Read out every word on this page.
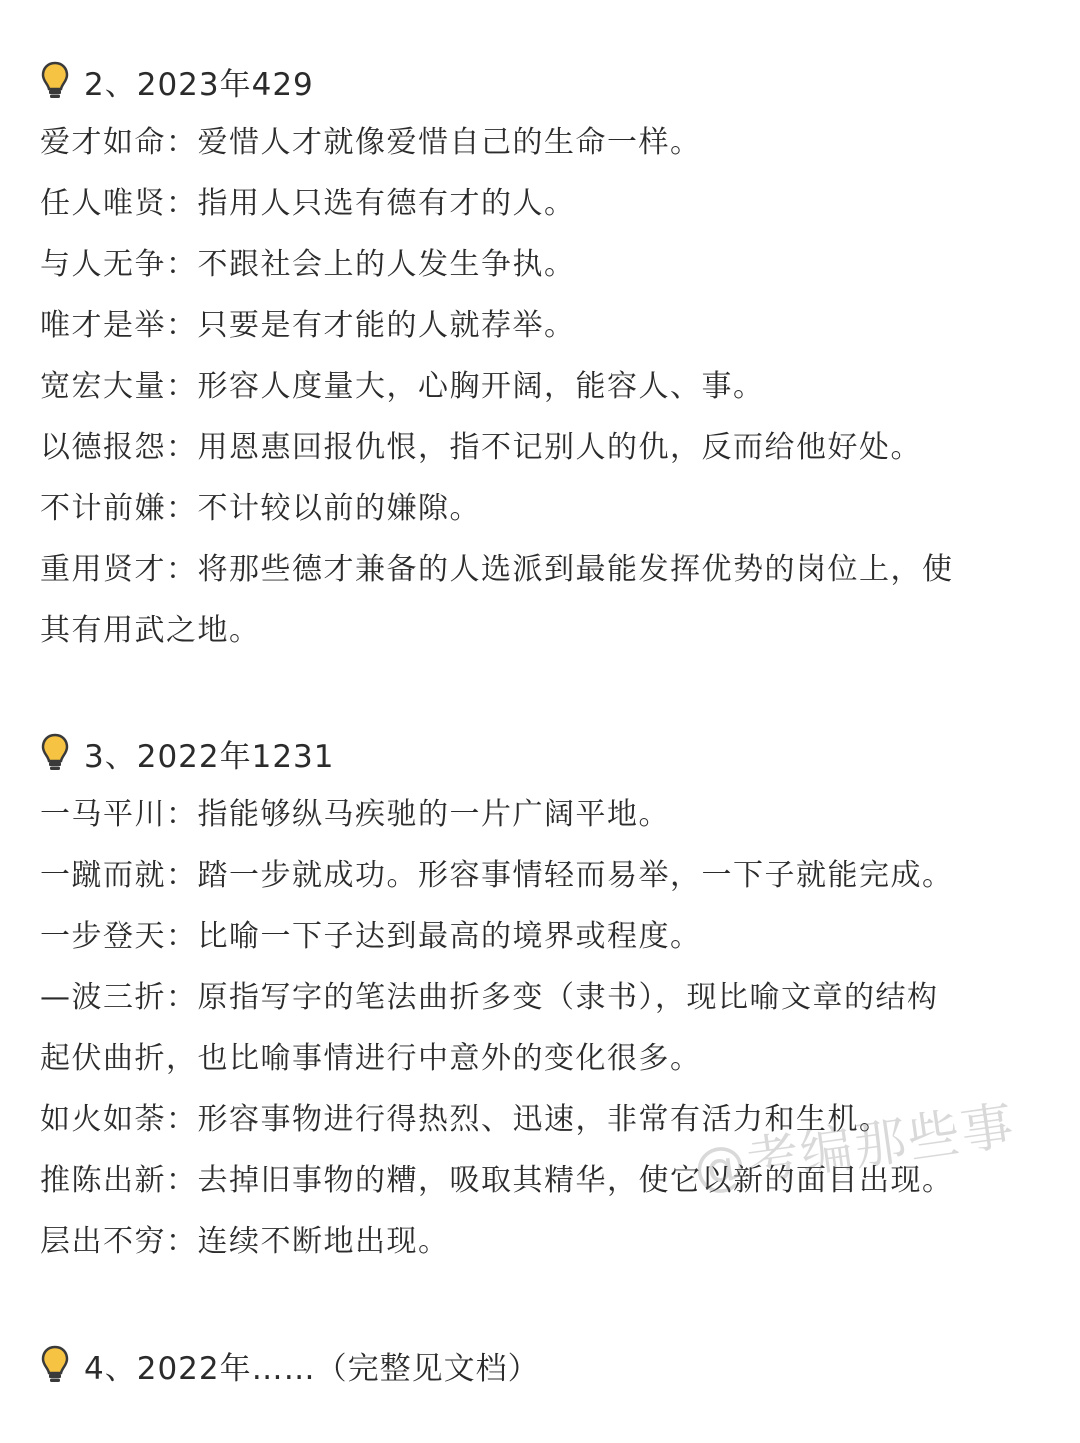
2、2023年429
爱才如命：爱惜人才就像爱惜自己的生命一样。
任人唯贤：指用人只选有德有才的人。
与人无争：不跟社会上的人发生争执。
唯才是举：只要是有才能的人就荐举。
宽宏大量：形容人度量大，心胸开阔，能容人、事。
以德报怨：用恩惠回报仇恨，指不记别人的仇，反而给他好处。
不计前嫌：不计较以前的嫌隙。
重用贤才：将那些德才兼备的人选派到最能发挥优势的岗位上，使
其有用武之地。
3、2022年1231
一马平川：指能够纵马疾驰的一片广阔平地。
一蹴而就：踏一步就成功。形容事情轻而易举，一下子就能完成。
一步登天：比喻一下子达到最高的境界或程度。
—波三折：原指写字的笔法曲折多变（隶书），现比喻文章的结构
起伏曲折，也比喻事情进行中意外的变化很多。
如火如荼：形容事物进行得热烈、迅速，非常有活力和生机。
推陈出新：去掉旧事物的糟，吸取其精华，使它以新的面目出现。
层出不穷：连续不断地出现。
4、2022年……（完整见文档）
@考编那些事
